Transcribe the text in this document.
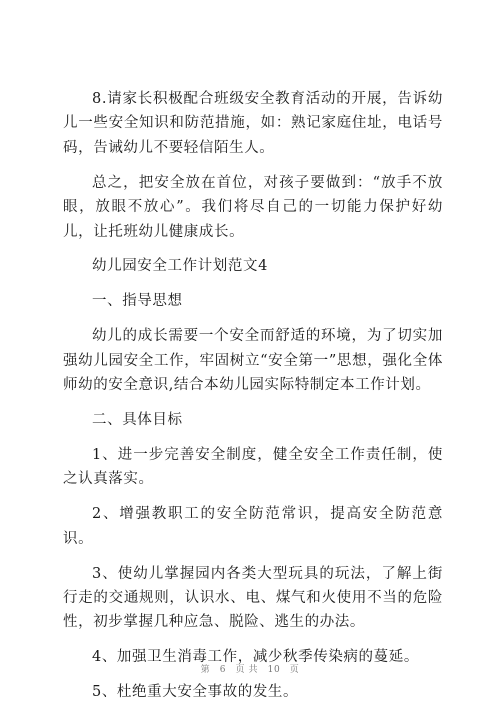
8.请家长积极配合班级安全教育活动的开展，告诉幼儿一些安全知识和防范措施，如：熟记家庭住址，电话号码，告诫幼儿不要轻信陌生人。

总之，把安全放在首位，对孩子要做到：“放手不放眼，放眼不放心”。我们将尽自己的一切能力保护好幼儿，让托班幼儿健康成长。

幼儿园安全工作计划范文4

一、指导思想

幼儿的成长需要一个安全而舒适的环境，为了切实加强幼儿园安全工作，牢固树立“安全第一”思想，强化全体师幼的安全意识,结合本幼儿园实际特制定本工作计划。

二、具体目标

1、进一步完善安全制度，健全安全工作责任制，使之认真落实。

2、增强教职工的安全防范常识，提高安全防范意识。

3、使幼儿掌握园内各类大型玩具的玩法，了解上街行走的交通规则，认识水、电、煤气和火使用不当的危险性，初步掌握几种应急、脱险、逃生的办法。

4、加强卫生消毒工作，减少秋季传染病的蔓延。

5、杜绝重大安全事故的发生。

第 6 页 共 10 页
